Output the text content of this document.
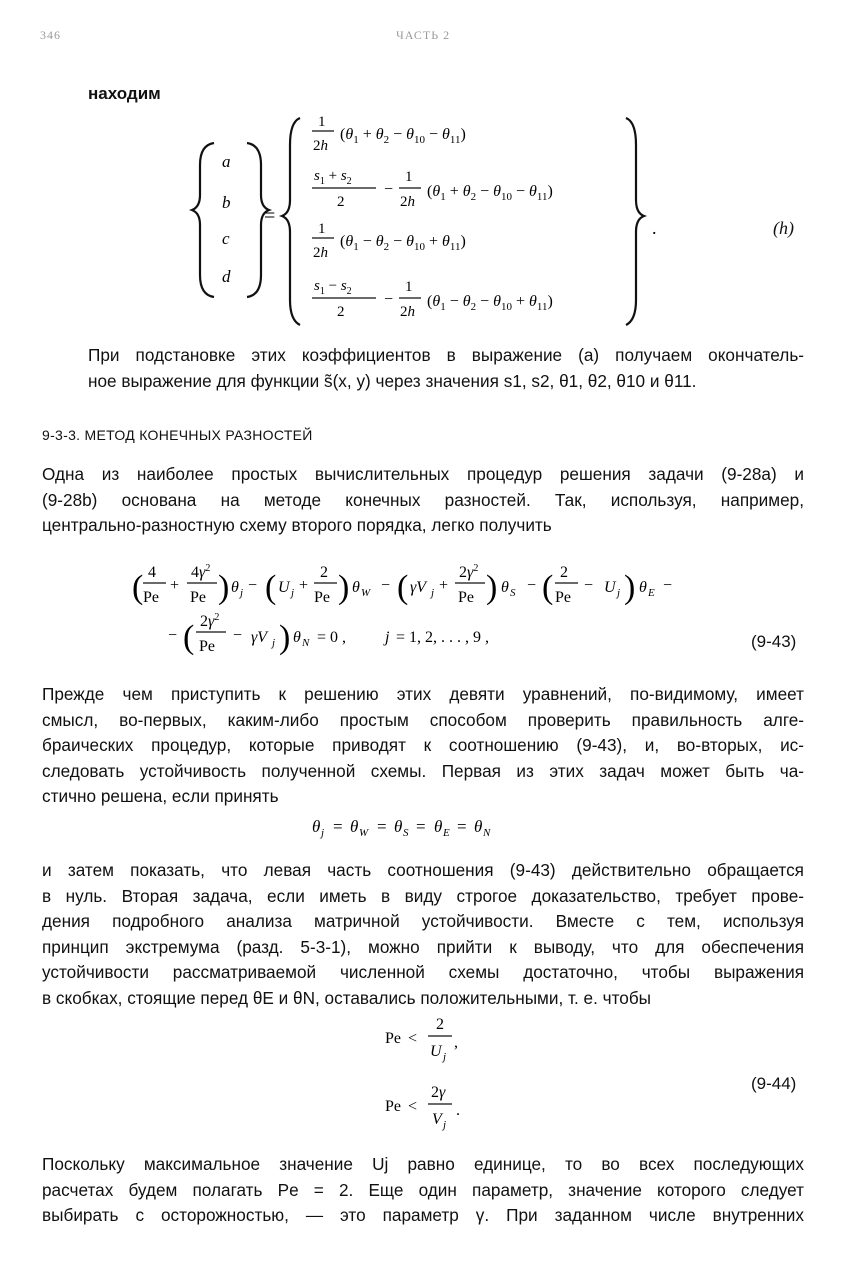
346	ЧАСТЬ 2
находим
a
b
c
d
=
1
2h
$(\theta_1 + \theta_2 - \theta_{10} - \theta_{11})$
$s_1 + s_2$
2
−
1
2h
$(\theta_1 + \theta_2 - \theta_{10} - \theta_{11})$
1
2h
$(\theta_1 - \theta_2 - \theta_{10} + \theta_{11})$
$s_1 - s_2$
2
−
1
2h
$(\theta_1 - \theta_2 - \theta_{10} + \theta_{11})$
.	(h)
При подстановке этих коэффициентов в выражение (a) получаем окончатель-
ное выражение для функции s̃(x, y) через значения s1, s2, θ1, θ2, θ10 и θ11.
9-3-3. МЕТОД КОНЕЧНЫХ РАЗНОСТЕЙ
Одна из наиболее простых вычислительных процедур решения задачи (9-28a) и
(9-28b) основана на методе конечных разностей. Так, используя, например,
центрально-разностную схему второго порядка, легко получить
( 4
Pe
+
$4\gamma^2$
Pe ) θ j − ( U j +
2
Pe ) θ W − ( γV j +
$2\gamma^2$
Pe ) θ S − ( 2
Pe
− U j ) θ E −
− ( $2\gamma^2$
Pe
− γV j ) θ N = 0 , j = 1, 2, . . . , 9 ,	(9-43)
Прежде чем приступить к решению этих девяти уравнений, по-видимому, имеет
смысл, во-первых, каким-либо простым способом проверить правильность алге-
браических процедур, которые приводят к соотношению (9-43), и, во-вторых, ис-
следовать устойчивость полученной схемы. Первая из этих задач может быть ча-
стично решена, если принять
θ j = θ W = θ S = θ E = θ N
и затем показать, что левая часть соотношения (9-43) действительно обращается
в нуль. Вторая задача, если иметь в виду строгое доказательство, требует прове-
дения подробного анализа матричной устойчивости. Вместе с тем, используя
принцип экстремума (разд. 5-3-1), можно прийти к выводу, что для обеспечения
устойчивости рассматриваемой численной схемы достаточно, чтобы выражения
в скобках, стоящие перед θE и θN, оставались положительными, т. е. чтобы
Pe <
2
U j
,
Pe <
2γ
V j
.
(9-44)
Поскольку максимальное значение Uj равно единице, то во всех последующих
расчетах будем полагать Pe = 2. Еще один параметр, значение которого следует
выбирать с осторожностью, — это параметр γ. При заданном числе внутренних
